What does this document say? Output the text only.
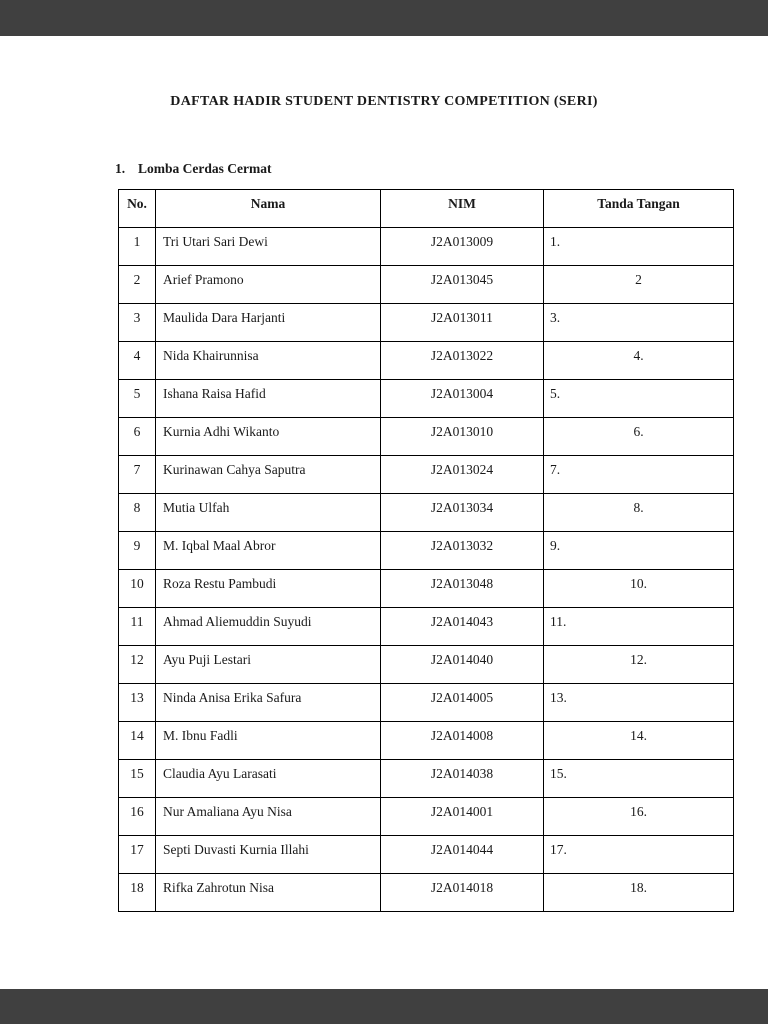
DAFTAR HADIR STUDENT DENTISTRY COMPETITION (SERI)
1. Lomba Cerdas Cermat
No.	Nama	NIM	Tanda Tangan
1	Tri Utari Sari Dewi	J2A013009	1.
2	Arief Pramono	J2A013045	2
3	Maulida Dara Harjanti	J2A013011	3.
4	Nida Khairunnisa	J2A013022	4.
5	Ishana Raisa Hafid	J2A013004	5.
6	Kurnia Adhi Wikanto	J2A013010	6.
7	Kurinawan Cahya Saputra	J2A013024	7.
8	Mutia Ulfah	J2A013034	8.
9	M. Iqbal Maal Abror	J2A013032	9.
10	Roza Restu Pambudi	J2A013048	10.
11	Ahmad Aliemuddin Suyudi	J2A014043	11.
12	Ayu Puji Lestari	J2A014040	12.
13	Ninda Anisa Erika Safura	J2A014005	13.
14	M. Ibnu Fadli	J2A014008	14.
15	Claudia Ayu Larasati	J2A014038	15.
16	Nur Amaliana Ayu Nisa	J2A014001	16.
17	Septi Duvasti Kurnia Illahi	J2A014044	17.
18	Rifka Zahrotun Nisa	J2A014018	18.
